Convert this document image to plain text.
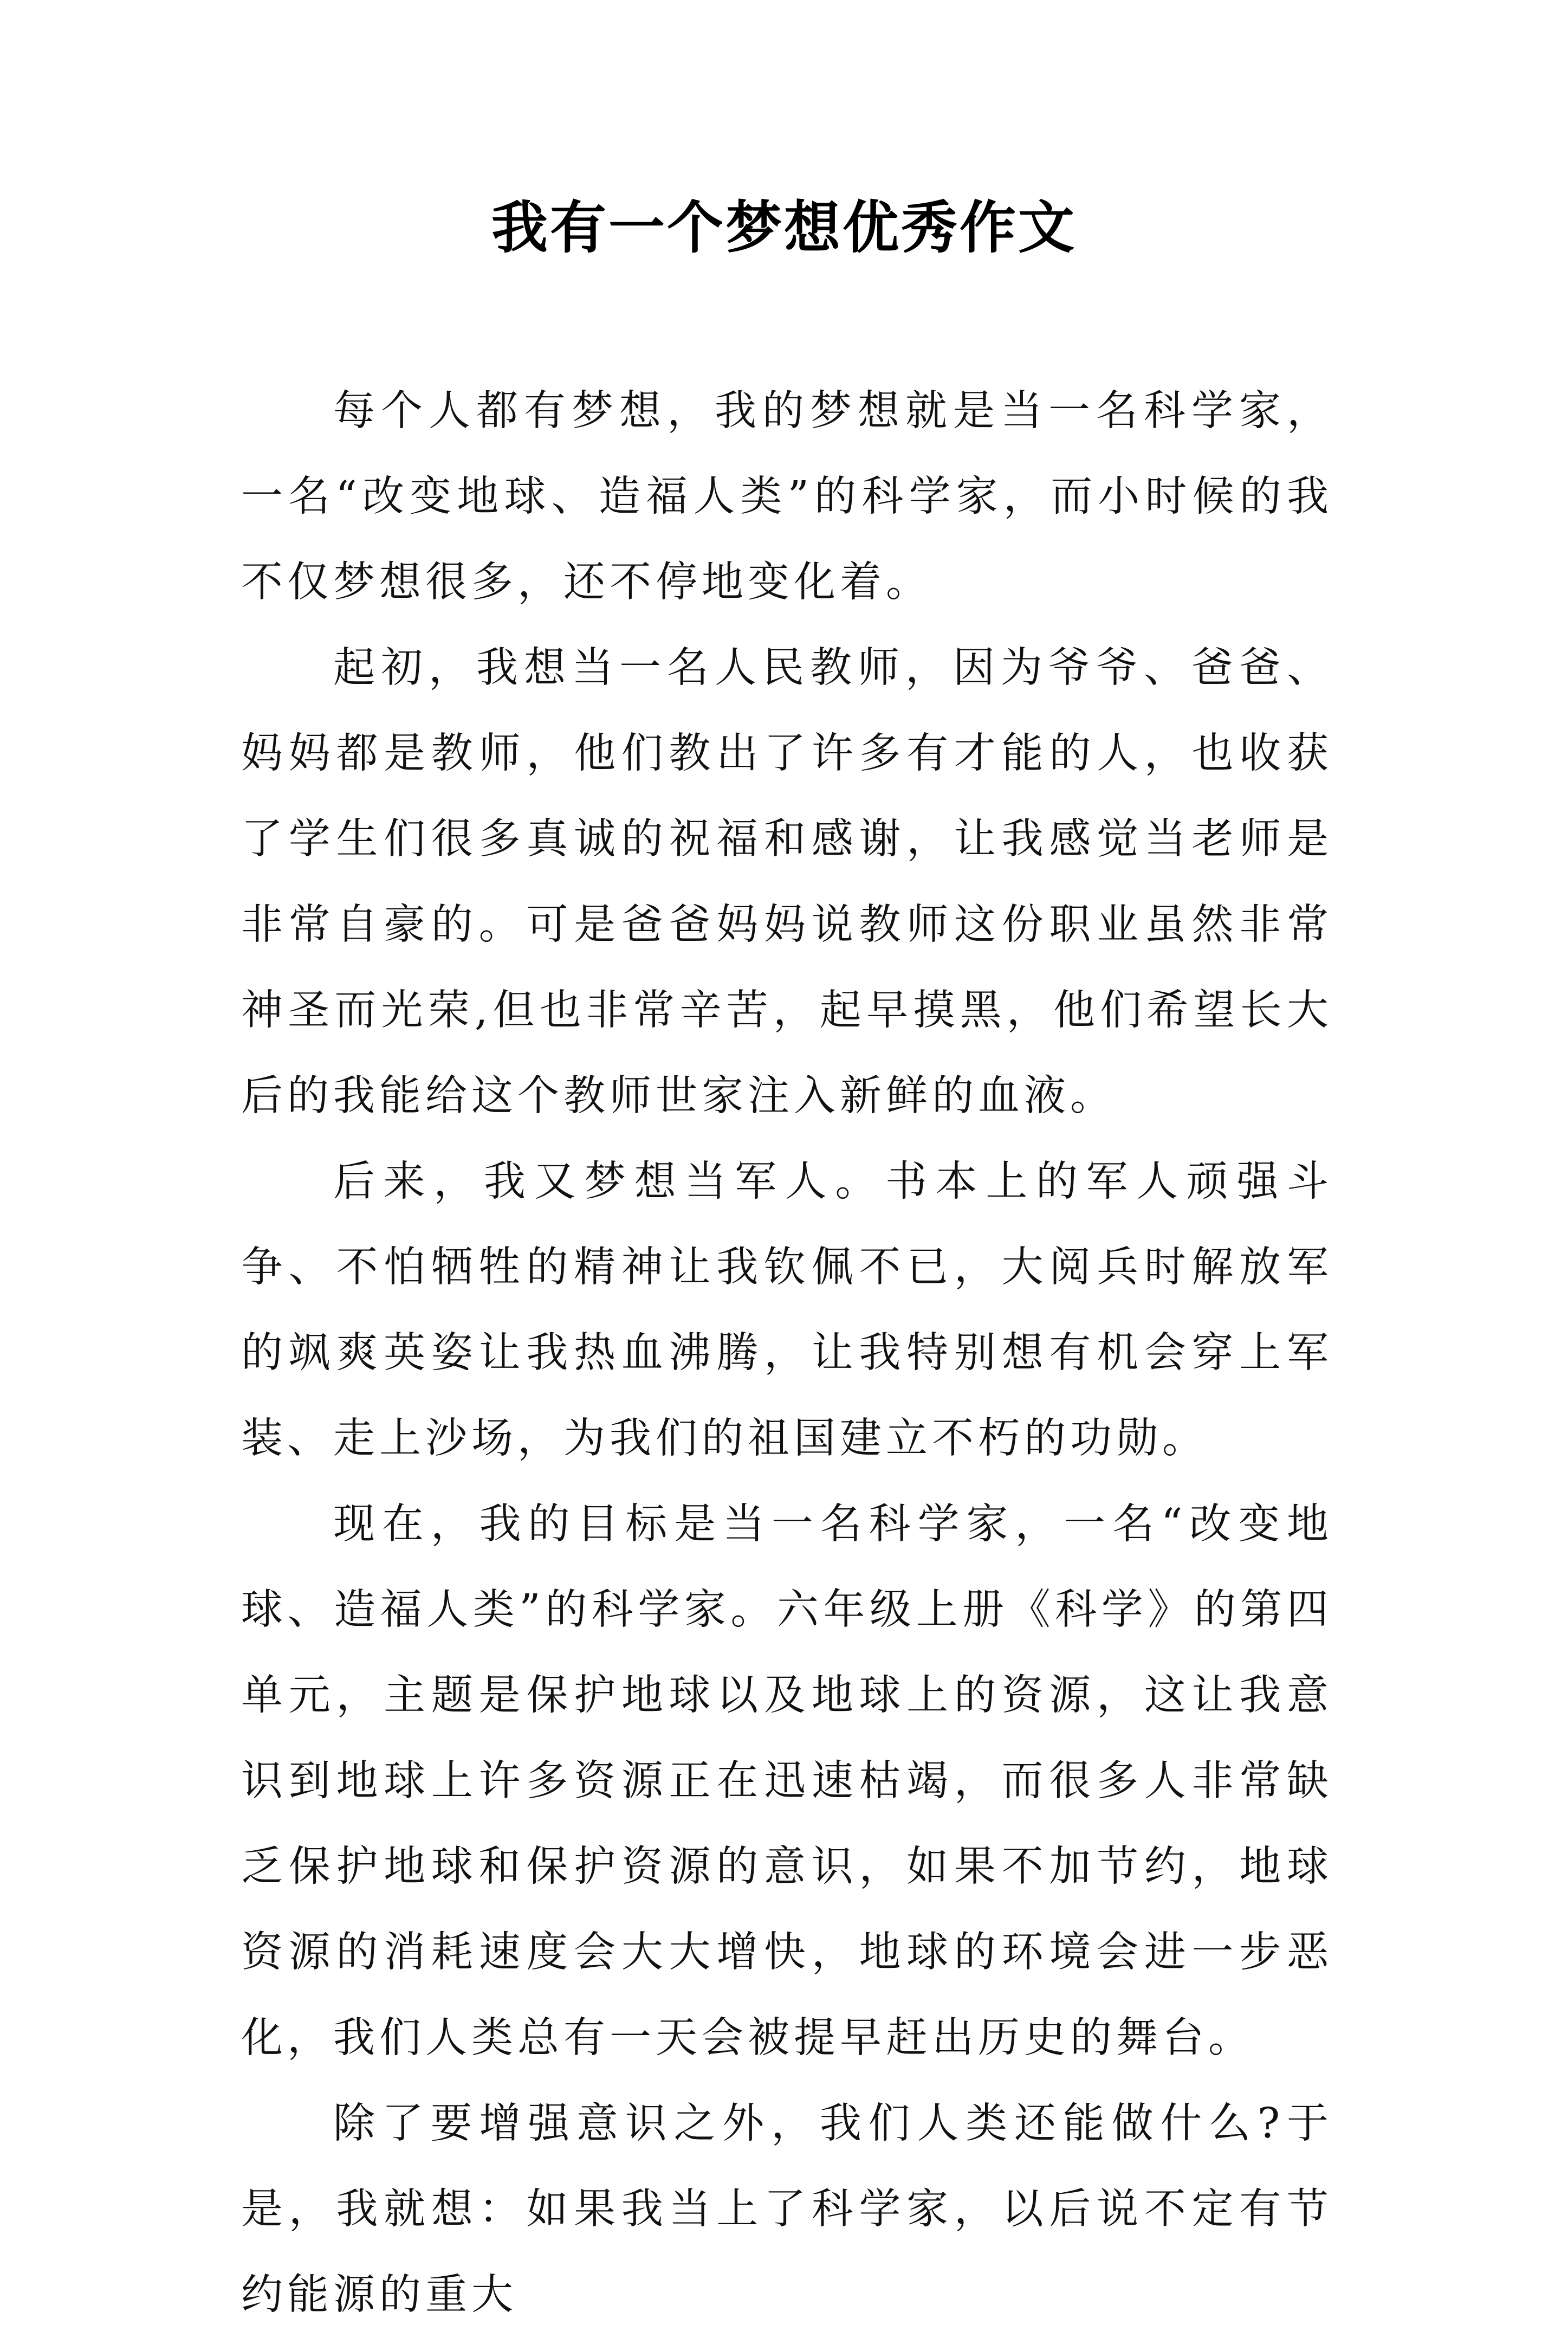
我有一个梦想优秀作文

每个人都有梦想，我的梦想就是当一名科学家，一名“改变地球、造福人类”的科学家，而小时候的我不仅梦想很多，还不停地变化着。

起初，我想当一名人民教师，因为爷爷、爸爸、妈妈都是教师，他们教出了许多有才能的人，也收获了学生们很多真诚的祝福和感谢，让我感觉当老师是非常自豪的。可是爸爸妈妈说教师这份职业虽然非常神圣而光荣,但也非常辛苦，起早摸黑，他们希望长大后的我能给这个教师世家注入新鲜的血液。

后来，我又梦想当军人。书本上的军人顽强斗争、不怕牺牲的精神让我钦佩不已，大阅兵时解放军的飒爽英姿让我热血沸腾，让我特别想有机会穿上军装、走上沙场，为我们的祖国建立不朽的功勋。

现在，我的目标是当一名科学家，一名“改变地球、造福人类”的科学家。六年级上册《科学》的第四单元，主题是保护地球以及地球上的资源，这让我意识到地球上许多资源正在迅速枯竭，而很多人非常缺乏保护地球和保护资源的意识，如果不加节约，地球资源的消耗速度会大大增快，地球的环境会进一步恶化，我们人类总有一天会被提早赶出历史的舞台。

除了要增强意识之外，我们人类还能做什么?于是，我就想：如果我当上了科学家，以后说不定有节约能源的重大
